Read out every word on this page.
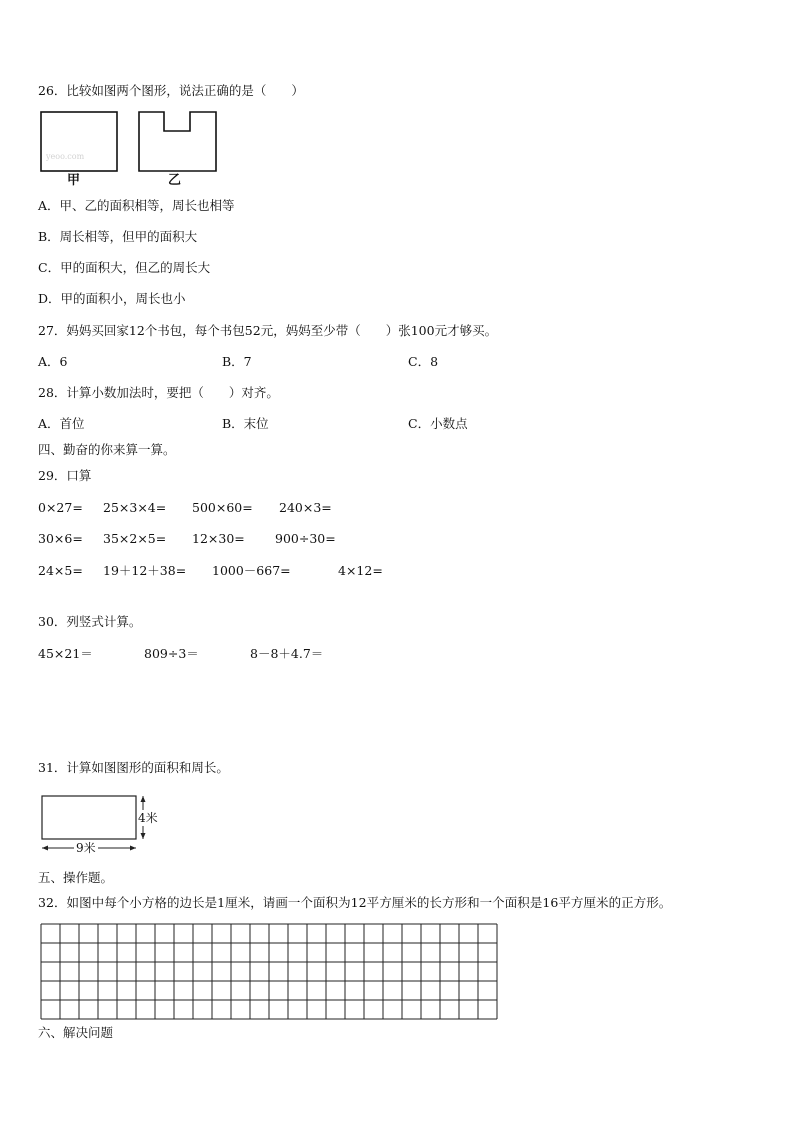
26．比较如图两个图形，说法正确的是（　　）
yeoo.com
甲	乙
A．甲、乙的面积相等，周长也相等
B．周长相等，但甲的面积大
C．甲的面积大，但乙的周长大
D．甲的面积小，周长也小
27．妈妈买回家12个书包，每个书包52元，妈妈至少带（　　）张100元才够买。
A．6	B．7	C．8
28．计算小数加法时，要把（　　）对齐。
A．首位	B．末位	C．小数点
四、勤奋的你来算一算。
29．口算
0×27= 25×3×4= 500×60= 240×3=
30×6= 35×2×5= 12×30= 900÷30=
24×5= 19＋12＋38= 1000－667=	4×12=
30．列竖式计算。
45×21＝	809÷3＝	8－8＋4.7＝
31．计算如图图形的面积和周长。
4米
9米
五、操作题。
32．如图中每个小方格的边长是1厘米，请画一个面积为12平方厘米的长方形和一个面积是16平方厘米的正方形。
六、解决问题
